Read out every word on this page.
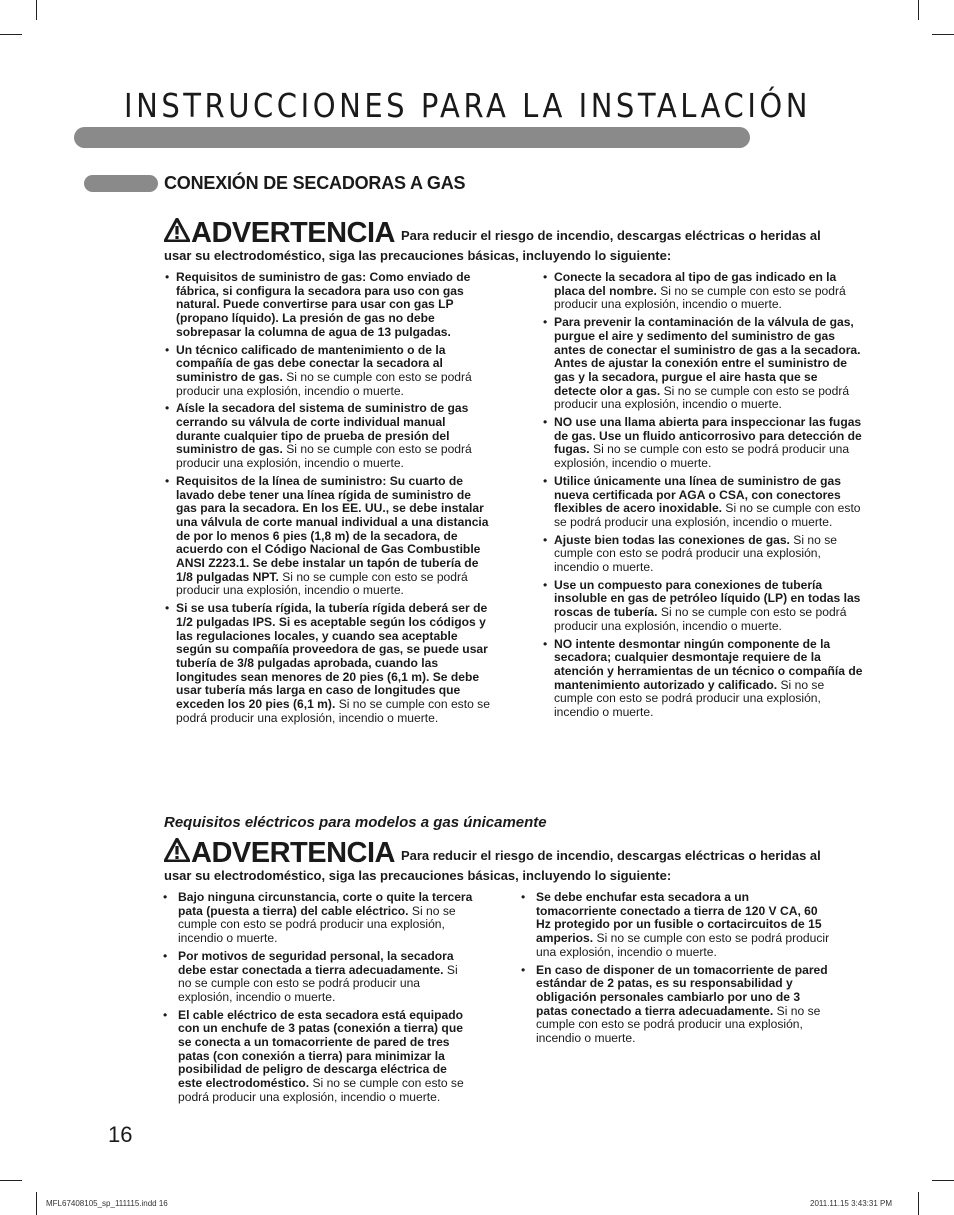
INSTRUCCIONES PARA LA INSTALACIÓN
CONEXIÓN DE SECADORAS A GAS

ADVERTENCIA Para reducir el riesgo de incendio, descargas eléctricas o heridas al usar su electrodoméstico, siga las precauciones básicas, incluyendo lo siguiente:

• Requisitos de suministro de gas: Como enviado de fábrica, si configura la secadora para uso con gas natural. Puede convertirse para usar con gas LP (propano líquido). La presión de gas no debe sobrepasar la columna de agua de 13 pulgadas.
• Un técnico calificado de mantenimiento o de la compañía de gas debe conectar la secadora al suministro de gas. Si no se cumple con esto se podrá producir una explosión, incendio o muerte.
• Aísle la secadora del sistema de suministro de gas cerrando su válvula de corte individual manual durante cualquier tipo de prueba de presión del suministro de gas. Si no se cumple con esto se podrá producir una explosión, incendio o muerte.
• Requisitos de la línea de suministro: Su cuarto de lavado debe tener una línea rígida de suministro de gas para la secadora. En los EE. UU., se debe instalar una válvula de corte manual individual a una distancia de por lo menos 6 pies (1,8 m) de la secadora, de acuerdo con el Código Nacional de Gas Combustible ANSI Z223.1. Se debe instalar un tapón de tubería de 1/8 pulgadas NPT. Si no se cumple con esto se podrá producir una explosión, incendio o muerte.
• Si se usa tubería rígida, la tubería rígida deberá ser de 1/2 pulgadas IPS. Si es aceptable según los códigos y las regulaciones locales, y cuando sea aceptable según su compañía proveedora de gas, se puede usar tubería de 3/8 pulgadas aprobada, cuando las longitudes sean menores de 20 pies (6,1 m). Se debe usar tubería más larga en caso de longitudes que exceden los 20 pies (6,1 m). Si no se cumple con esto se podrá producir una explosión, incendio o muerte.
• Conecte la secadora al tipo de gas indicado en la placa del nombre. Si no se cumple con esto se podrá producir una explosión, incendio o muerte.
• Para prevenir la contaminación de la válvula de gas, purgue el aire y sedimento del suministro de gas antes de conectar el suministro de gas a la secadora. Antes de ajustar la conexión entre el suministro de gas y la secadora, purgue el aire hasta que se detecte olor a gas. Si no se cumple con esto se podrá producir una explosión, incendio o muerte.
• NO use una llama abierta para inspeccionar las fugas de gas. Use un fluido anticorrosivo para detección de fugas. Si no se cumple con esto se podrá producir una explosión, incendio o muerte.
• Utilice únicamente una línea de suministro de gas nueva certificada por AGA o CSA, con conectores flexibles de acero inoxidable. Si no se cumple con esto se podrá producir una explosión, incendio o muerte.
• Ajuste bien todas las conexiones de gas. Si no se cumple con esto se podrá producir una explosión, incendio o muerte.
• Use un compuesto para conexiones de tubería insoluble en gas de petróleo líquido (LP) en todas las roscas de tubería. Si no se cumple con esto se podrá producir una explosión, incendio o muerte.
• NO intente desmontar ningún componente de la secadora; cualquier desmontaje requiere de la atención y herramientas de un técnico o compañía de mantenimiento autorizado y calificado. Si no se cumple con esto se podrá producir una explosión, incendio o muerte.

Requisitos eléctricos para modelos a gas únicamente

ADVERTENCIA Para reducir el riesgo de incendio, descargas eléctricas o heridas al usar su electrodoméstico, siga las precauciones básicas, incluyendo lo siguiente:

• Bajo ninguna circunstancia, corte o quite la tercera pata (puesta a tierra) del cable eléctrico. Si no se cumple con esto se podrá producir una explosión, incendio o muerte.
• Por motivos de seguridad personal, la secadora debe estar conectada a tierra adecuadamente. Si no se cumple con esto se podrá producir una explosión, incendio o muerte.
• El cable eléctrico de esta secadora está equipado con un enchufe de 3 patas (conexión a tierra) que se conecta a un tomacorriente de pared de tres patas (con conexión a tierra) para minimizar la posibilidad de peligro de descarga eléctrica de este electrodoméstico. Si no se cumple con esto se podrá producir una explosión, incendio o muerte.
• Se debe enchufar esta secadora a un tomacorriente conectado a tierra de 120 V CA, 60 Hz protegido por un fusible o cortacircuitos de 15 amperios. Si no se cumple con esto se podrá producir una explosión, incendio o muerte.
• En caso de disponer de un tomacorriente de pared estándar de 2 patas, es su responsabilidad y obligación personales cambiarlo por uno de 3 patas conectado a tierra adecuadamente. Si no se cumple con esto se podrá producir una explosión, incendio o muerte.
16
MFL67408105_sp_111115.indd 16	2011.11.15 3:43:31 PM
